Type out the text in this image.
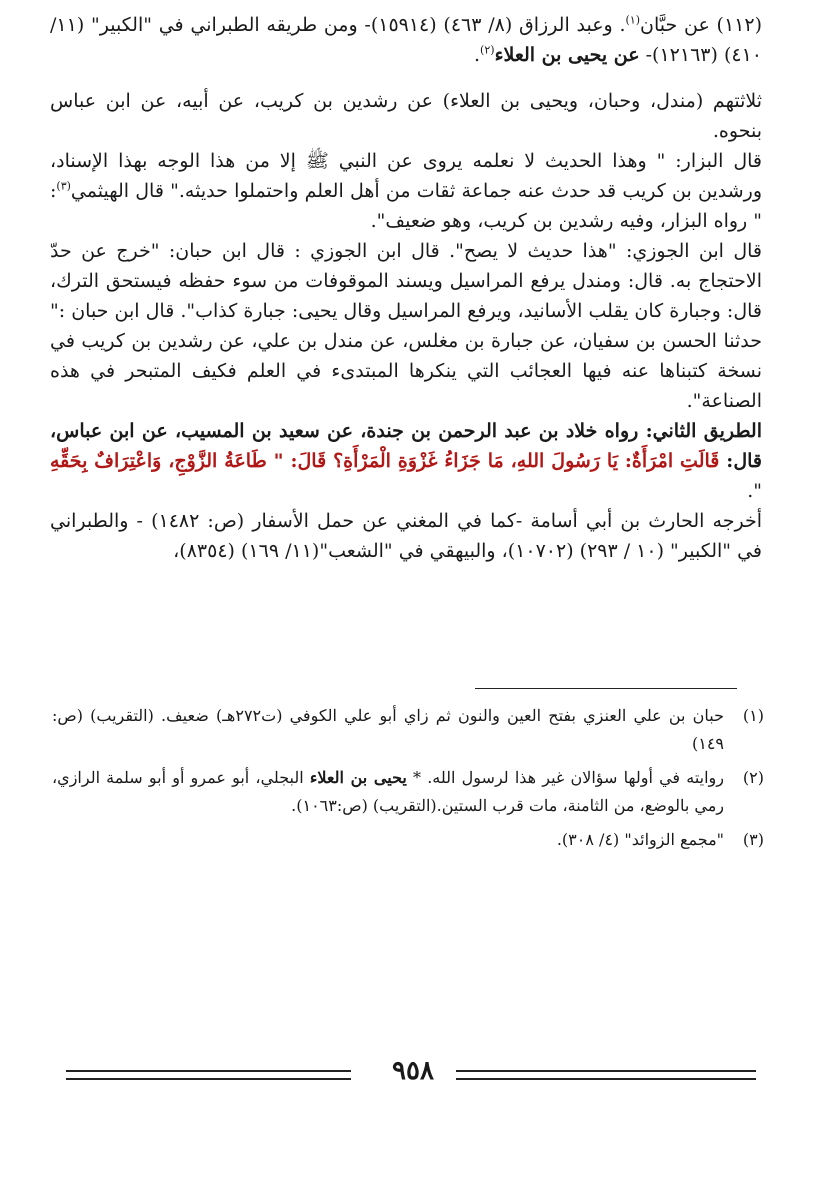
(١١٢) عن حبَّان$^{(١)}$. وعبد الرزاق (٨/ ٤٦٣) (١٥٩١٤)- ومن طريقه الطبراني في "الكبير" (١١/ ٤١٠) (١٢١٦٣)- عن يحيى بن العلاء$^{(٢)}$.

ثلاثتهم (مندل، وحبان، ويحيى بن العلاء) عن رشدين بن كريب، عن أبيه، عن ابن عباس بنحوه.

قال البزار: " وهذا الحديث لا نعلمه يروى عن النبي ﷺ إلا من هذا الوجه بهذا الإسناد، ورشدين بن كريب قد حدث عنه جماعة ثقات من أهل العلم واحتملوا حديثه." قال الهيثمي$^{(٣)}$: " رواه البزار، وفيه رشدين بن كريب، وهو ضعيف".

قال ابن الجوزي: "هذا حديث لا يصح". قال ابن الجوزي : قال ابن حبان: "خرج عن حدّ الاحتجاج به. قال: ومندل يرفع المراسيل ويسند الموقوفات من سوء حفظه فيستحق الترك، قال: وجبارة كان يقلب الأسانيد، ويرفع المراسيل وقال يحيى: جبارة كذاب". قال ابن حبان :" حدثنا الحسن بن سفيان، عن جبارة بن مغلس، عن مندل بن علي، عن رشدين بن كريب في نسخة كتبناها عنه فيها العجائب التي ينكرها المبتدىء في العلم فكيف المتبحر في هذه الصناعة".

الطريق الثاني: رواه خلاد بن عبد الرحمن بن جندة، عن سعيد بن المسيب، عن ابن عباس، قال: قَالَتِ امْرَأَةٌ: يَا رَسُولَ اللهِ، مَا جَزَاءُ غَزْوَةِ الْمَرْأَةِ؟ قَالَ: " طَاعَةُ الزَّوْجِ، وَاعْتِرَافٌ بِحَقِّهِ ".

أخرجه الحارث بن أبي أسامة -كما في المغني عن حمل الأسفار (ص: ١٤٨٢) - والطبراني في "الكبير" (١٠ / ٢٩٣) (١٠٧٠٢)، والبيهقي في "الشعب"(١١/ ١٦٩) (٨٣٥٤)،

(١)
حبان بن علي العنزي بفتح العين والنون ثم زاي أبو علي الكوفي (ت٢٧٢هـ) ضعيف. (التقريب) (ص: ١٤٩)

(٢)
روايته في أولها سؤالان غير هذا لرسول الله. * يحيى بن العلاء البجلي، أبو عمرو أو أبو سلمة الرازي، رمي بالوضع، من الثامنة، مات قرب الستين.(التقريب) (ص:١٠٦٣).

(٣)
"مجمع الزوائد" (٤/ ٣٠٨).

٩٥٨
